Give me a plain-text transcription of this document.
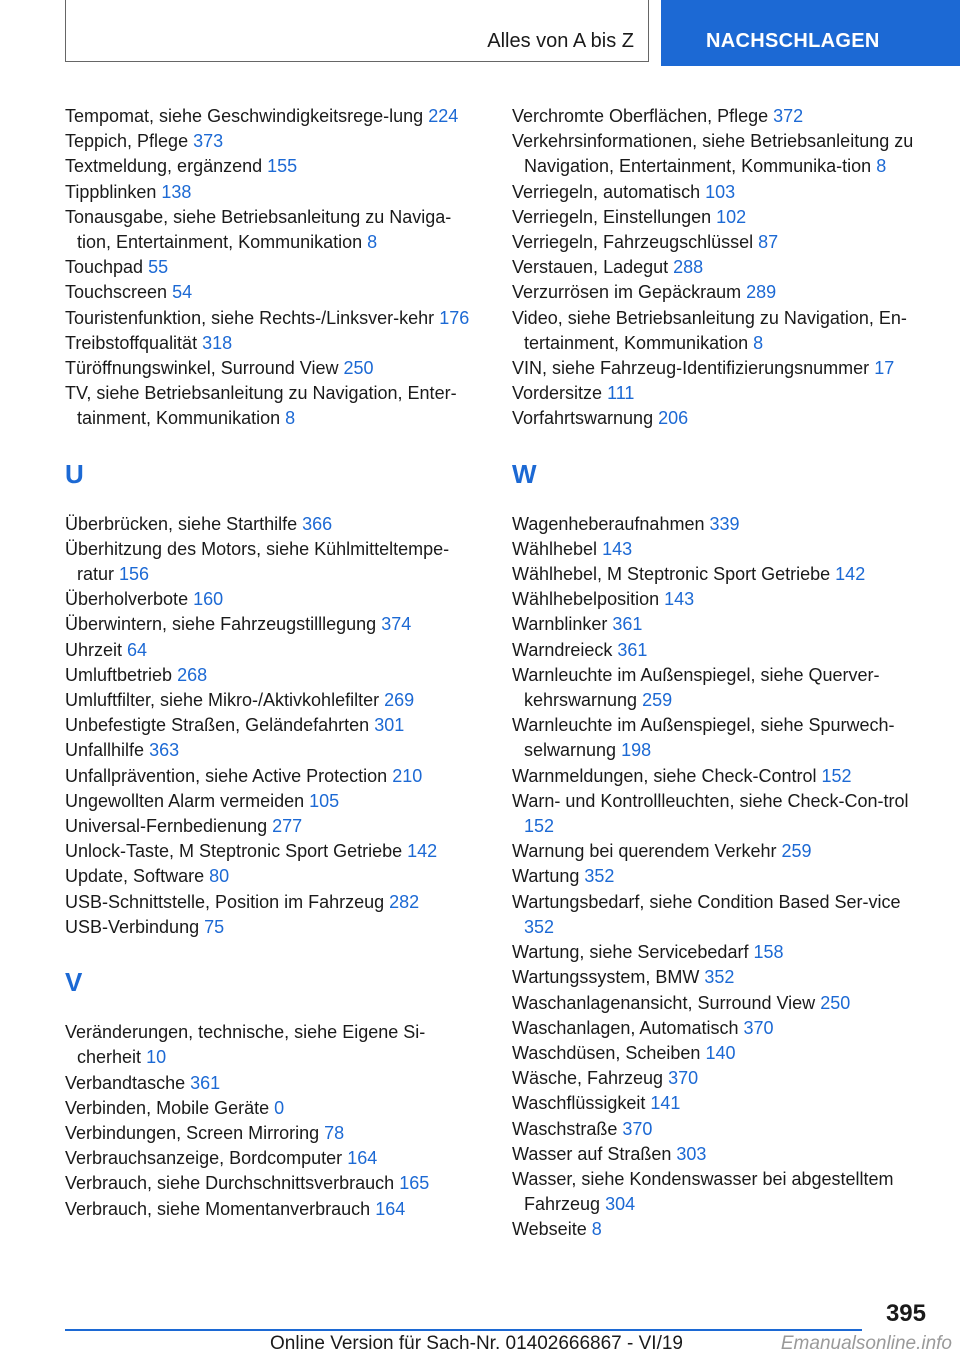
Alles von A bis Z	NACHSCHLAGEN
Tempomat, siehe Geschwindigkeitsrege-lung 224
Teppich, Pflege 373
Textmeldung, ergänzend 155
Tippblinken 138
Tonausgabe, siehe Betriebsanleitung zu Naviga-tion, Entertainment, Kommunikation 8
Touchpad 55
Touchscreen 54
Touristenfunktion, siehe Rechts-/Linksver-kehr 176
Treibstoffqualität 318
Türöffnungswinkel, Surround View 250
TV, siehe Betriebsanleitung zu Navigation, Enter-tainment, Kommunikation 8
U
Überbrücken, siehe Starthilfe 366
Überhitzung des Motors, siehe Kühlmitteltempe-ratur 156
Überholverbote 160
Überwintern, siehe Fahrzeugstilllegung 374
Uhrzeit 64
Umluftbetrieb 268
Umluftfilter, siehe Mikro-/Aktivkohlefilter 269
Unbefestigte Straßen, Geländefahrten 301
Unfallhilfe 363
Unfallprävention, siehe Active Protection 210
Ungewollten Alarm vermeiden 105
Universal-Fernbedienung 277
Unlock-Taste, M Steptronic Sport Getriebe 142
Update, Software 80
USB-Schnittstelle, Position im Fahrzeug 282
USB-Verbindung 75
V
Veränderungen, technische, siehe Eigene Si-cherheit 10
Verbandtasche 361
Verbinden, Mobile Geräte 0
Verbindungen, Screen Mirroring 78
Verbrauchsanzeige, Bordcomputer 164
Verbrauch, siehe Durchschnittsverbrauch 165
Verbrauch, siehe Momentanverbrauch 164
Verchromte Oberflächen, Pflege 372
Verkehrsinformationen, siehe Betriebsanleitung zu Navigation, Entertainment, Kommunika-tion 8
Verriegeln, automatisch 103
Verriegeln, Einstellungen 102
Verriegeln, Fahrzeugschlüssel 87
Verstauen, Ladegut 288
Verzurrösen im Gepäckraum 289
Video, siehe Betriebsanleitung zu Navigation, En-tertainment, Kommunikation 8
VIN, siehe Fahrzeug-Identifizierungsnummer 17
Vordersitze 111
Vorfahrtswarnung 206
W
Wagenheberaufnahmen 339
Wählhebel 143
Wählhebel, M Steptronic Sport Getriebe 142
Wählhebelposition 143
Warnblinker 361
Warndreieck 361
Warnleuchte im Außenspiegel, siehe Querver-kehrswarnung 259
Warnleuchte im Außenspiegel, siehe Spurwech-selwarnung 198
Warnmeldungen, siehe Check-Control 152
Warn- und Kontrollleuchten, siehe Check-Con-trol 152
Warnung bei querendem Verkehr 259
Wartung 352
Wartungsbedarf, siehe Condition Based Ser-vice 352
Wartung, siehe Servicebedarf 158
Wartungssystem, BMW 352
Waschanlagenansicht, Surround View 250
Waschanlagen, Automatisch 370
Waschdüsen, Scheiben 140
Wäsche, Fahrzeug 370
Waschflüssigkeit 141
Waschstraße 370
Wasser auf Straßen 303
Wasser, siehe Kondenswasser bei abgestelltem Fahrzeug 304
Webseite 8
395
Online Version für Sach-Nr. 01402666867 - VI/19	Emanualsonline.info
